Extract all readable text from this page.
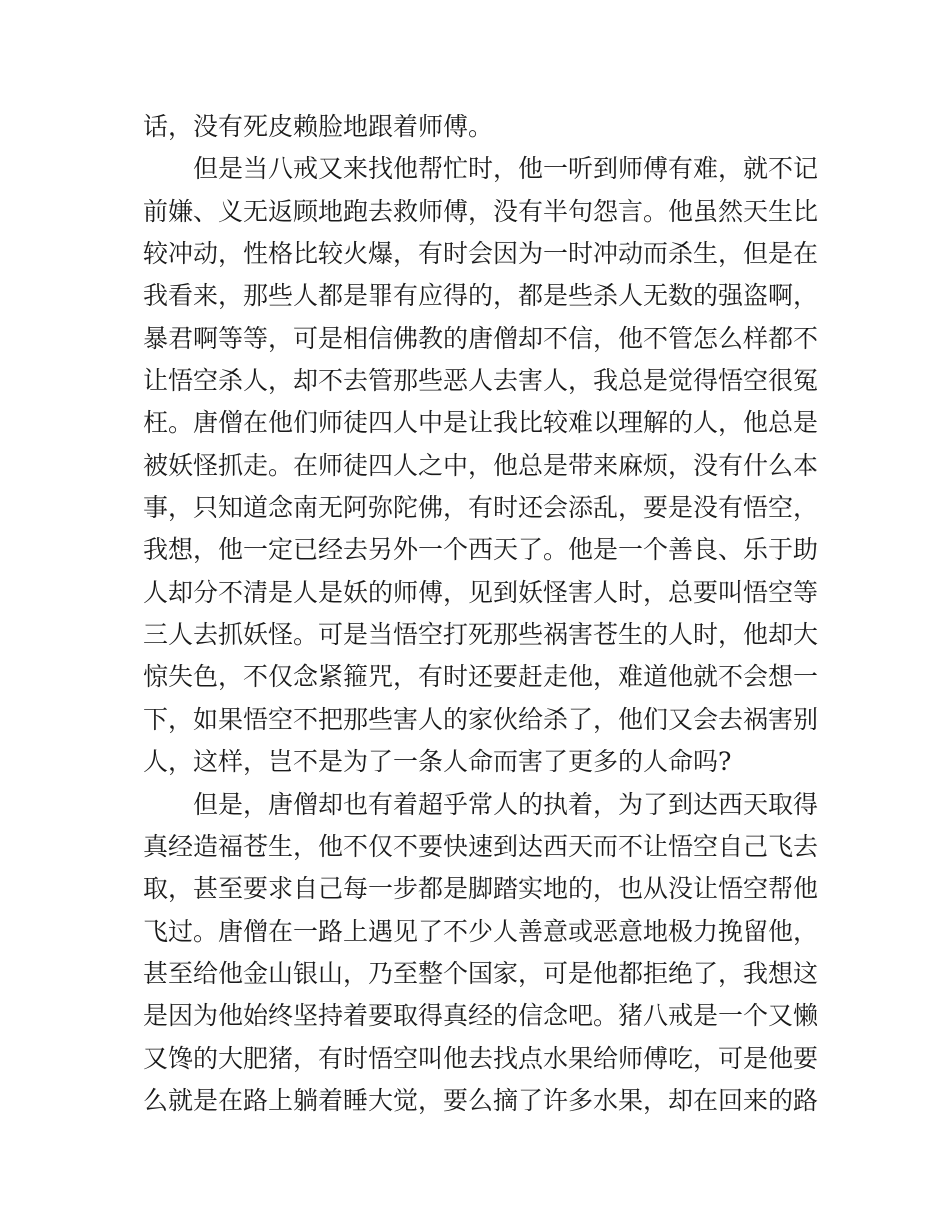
话，没有死皮赖脸地跟着师傅。
但是当八戒又来找他帮忙时，他一听到师傅有难，就不记
前嫌、义无返顾地跑去救师傅，没有半句怨言。他虽然天生比
较冲动，性格比较火爆，有时会因为一时冲动而杀生，但是在
我看来，那些人都是罪有应得的，都是些杀人无数的强盗啊，
暴君啊等等，可是相信佛教的唐僧却不信，他不管怎么样都不
让悟空杀人，却不去管那些恶人去害人，我总是觉得悟空很冤
枉。唐僧在他们师徒四人中是让我比较难以理解的人，他总是
被妖怪抓走。在师徒四人之中，他总是带来麻烦，没有什么本
事，只知道念南无阿弥陀佛，有时还会添乱，要是没有悟空，
我想，他一定已经去另外一个西天了。他是一个善良、乐于助
人却分不清是人是妖的师傅，见到妖怪害人时，总要叫悟空等
三人去抓妖怪。可是当悟空打死那些祸害苍生的人时，他却大
惊失色，不仅念紧箍咒，有时还要赶走他，难道他就不会想一
下，如果悟空不把那些害人的家伙给杀了，他们又会去祸害别
人，这样，岂不是为了一条人命而害了更多的人命吗?
但是，唐僧却也有着超乎常人的执着，为了到达西天取得
真经造福苍生，他不仅不要快速到达西天而不让悟空自己飞去
取，甚至要求自己每一步都是脚踏实地的，也从没让悟空帮他
飞过。唐僧在一路上遇见了不少人善意或恶意地极力挽留他，
甚至给他金山银山，乃至整个国家，可是他都拒绝了，我想这
是因为他始终坚持着要取得真经的信念吧。猪八戒是一个又懒
又馋的大肥猪，有时悟空叫他去找点水果给师傅吃，可是他要
么就是在路上躺着睡大觉，要么摘了许多水果，却在回来的路
